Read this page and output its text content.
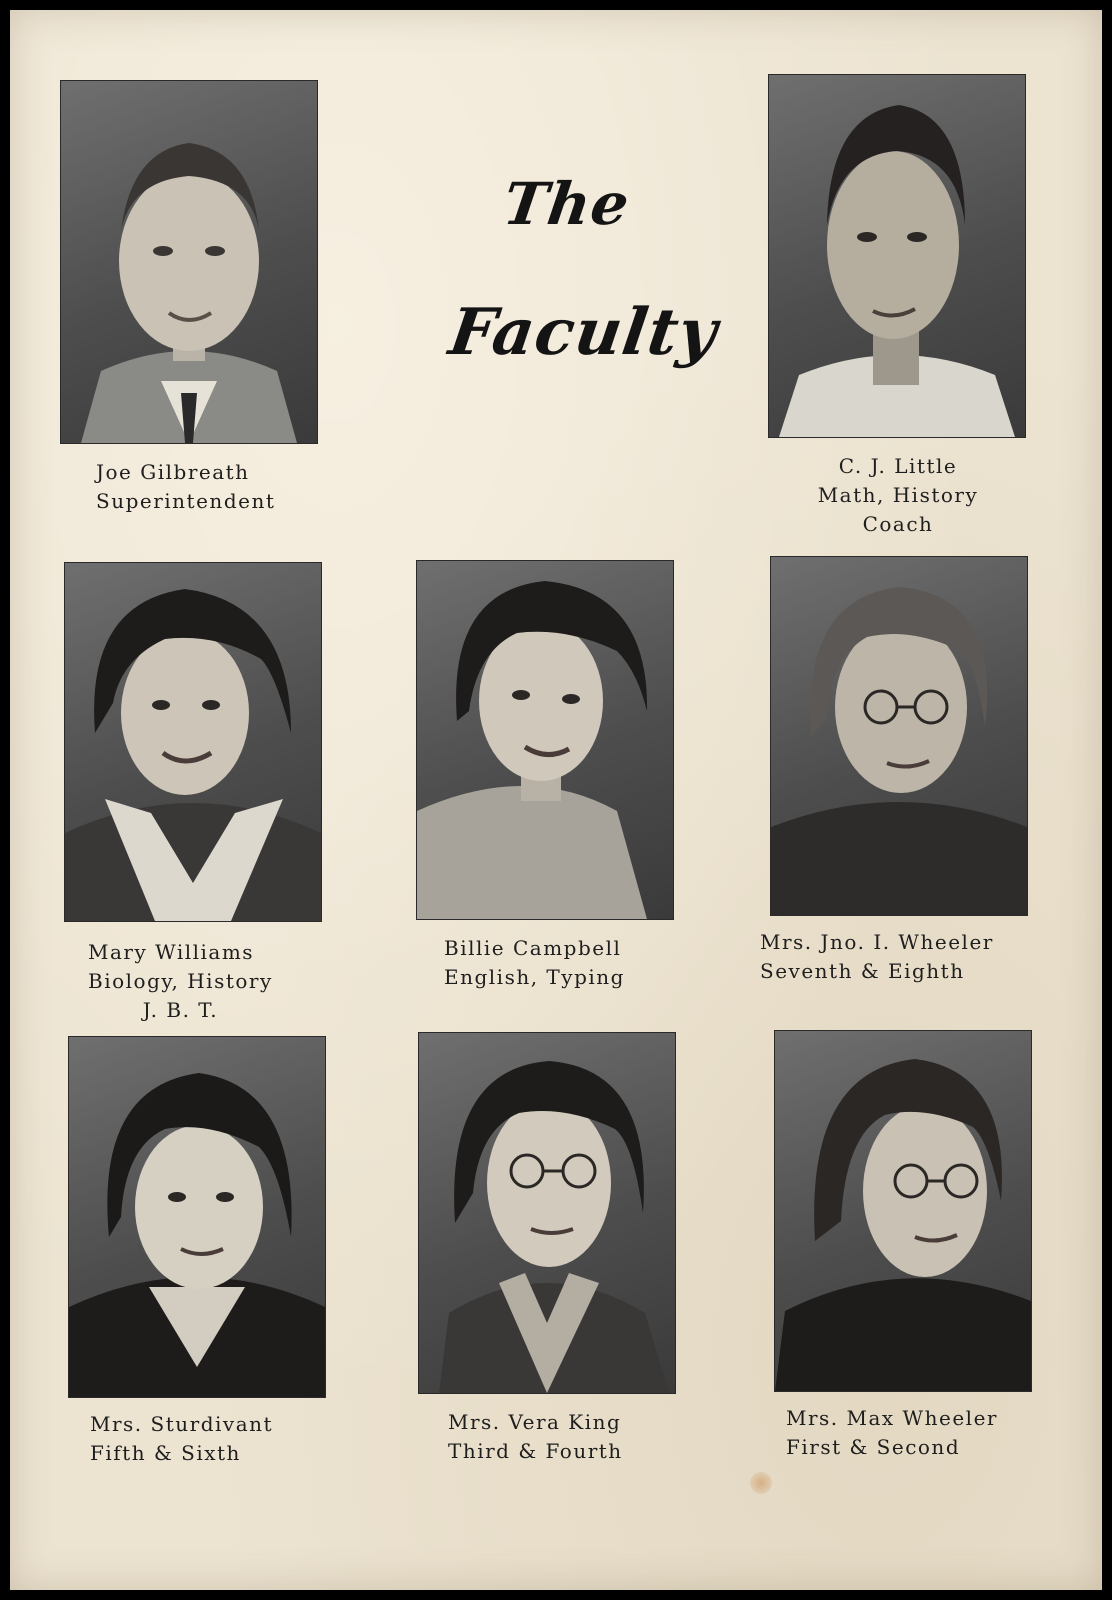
The
Faculty
Joe Gilbreath
Superintendent
C. J. Little
Math, History
Coach
Mary Williams
Biology, History
J. B. T.
Billie Campbell
English, Typing
Mrs. Jno. I. Wheeler
Seventh & Eighth
Mrs. Sturdivant
Fifth & Sixth
Mrs. Vera King
Third & Fourth
Mrs. Max Wheeler
First & Second
